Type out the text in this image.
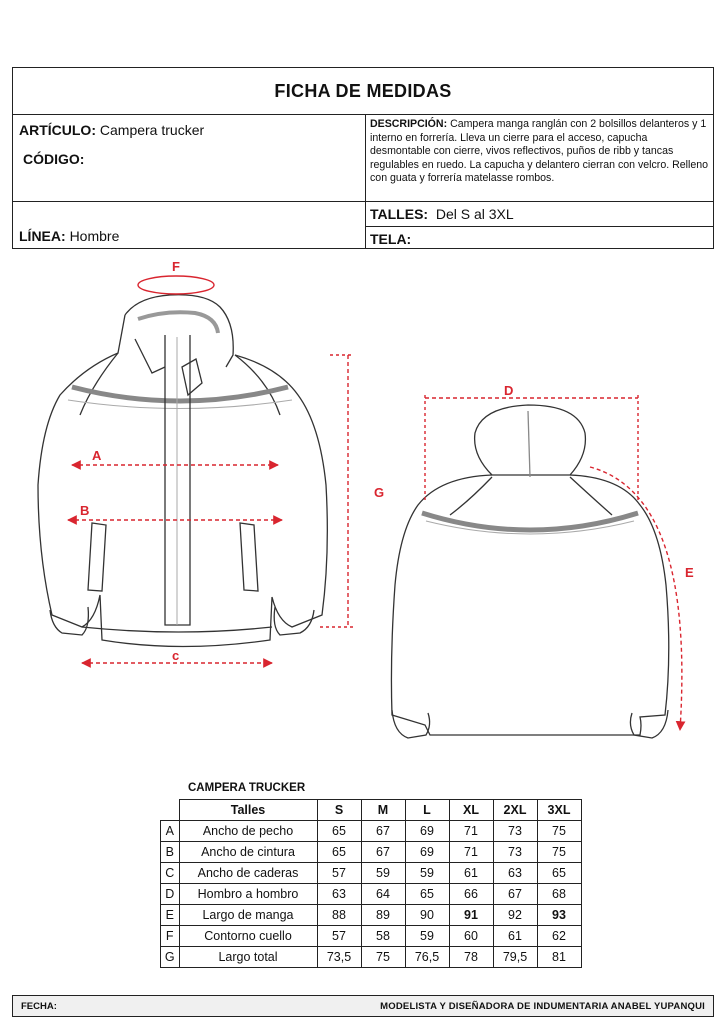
FICHA DE MEDIDAS
ARTÍCULO: Campera trucker
CÓDIGO:
LÍNEA: Hombre
DESCRIPCIÓN: Campera manga ranglán con 2 bolsillos delanteros y 1 interno en forrería. Lleva un cierre para el acceso, capucha desmontable con cierre, vivos reflectivos, puños de ribb y tancas regulables en ruedo. La capucha y delantero cierran con velcro. Relleno con guata y forrería matelasse rombos.
TALLES: Del S al 3XL
TELA:
F
A
B
c
G
D
E
CAMPERA TRUCKER
	Talles	S	M	L	XL	2XL	3XL
A	Ancho de pecho	65	67	69	71	73	75
B	Ancho de cintura	65	67	69	71	73	75
C	Ancho de caderas	57	59	59	61	63	65
D	Hombro a hombro	63	64	65	66	67	68
E	Largo de manga	88	89	90	91	92	93
F	Contorno cuello	57	58	59	60	61	62
G	Largo total	73,5	75	76,5	78	79,5	81
FECHA:	MODELISTA Y DISEÑADORA DE INDUMENTARIA ANABEL YUPANQUI
